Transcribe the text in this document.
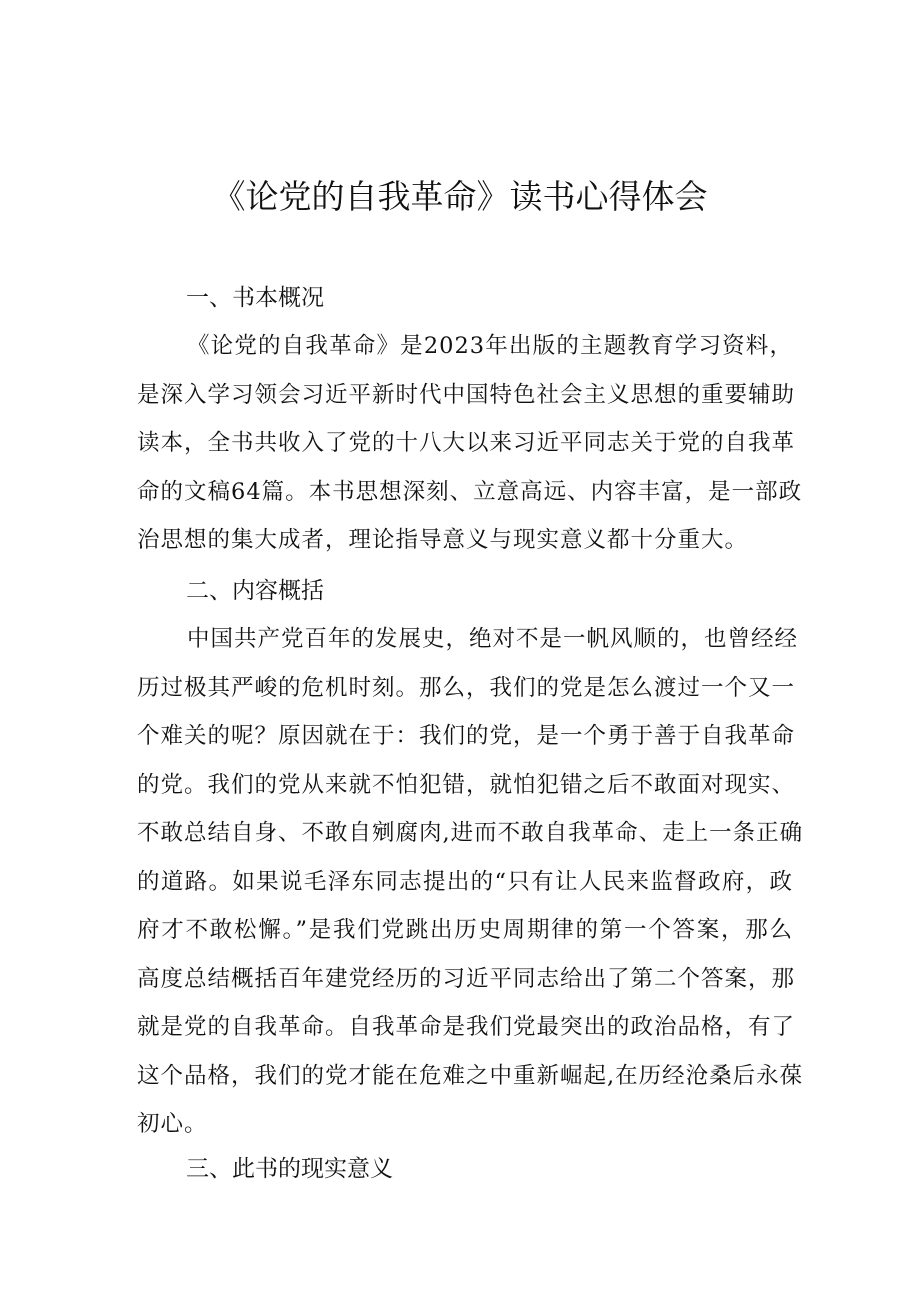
《论党的自我革命》读书心得体会
一、书本概况

《论党的自我革命》是2023年出版的主题教育学习资料，
是深入学习领会习近平新时代中国特色社会主义思想的重要辅助
读本，全书共收入了党的十八大以来习近平同志关于党的自我革
命的文稿64篇。本书思想深刻、立意高远、内容丰富，是一部政
治思想的集大成者，理论指导意义与现实意义都十分重大。

二、内容概括

中国共产党百年的发展史，绝对不是一帆风顺的，也曾经经
历过极其严峻的危机时刻。那么，我们的党是怎么渡过一个又一
个难关的呢？原因就在于：我们的党，是一个勇于善于自我革命
的党。我们的党从来就不怕犯错，就怕犯错之后不敢面对现实、
不敢总结自身、不敢自剜腐肉,进而不敢自我革命、走上一条正确
的道路。如果说毛泽东同志提出的“只有让人民来监督政府，政
府才不敢松懈。”是我们党跳出历史周期律的第一个答案，那么
高度总结概括百年建党经历的习近平同志给出了第二个答案，那
就是党的自我革命。自我革命是我们党最突出的政治品格，有了
这个品格，我们的党才能在危难之中重新崛起,在历经沧桑后永葆
初心。

三、此书的现实意义
